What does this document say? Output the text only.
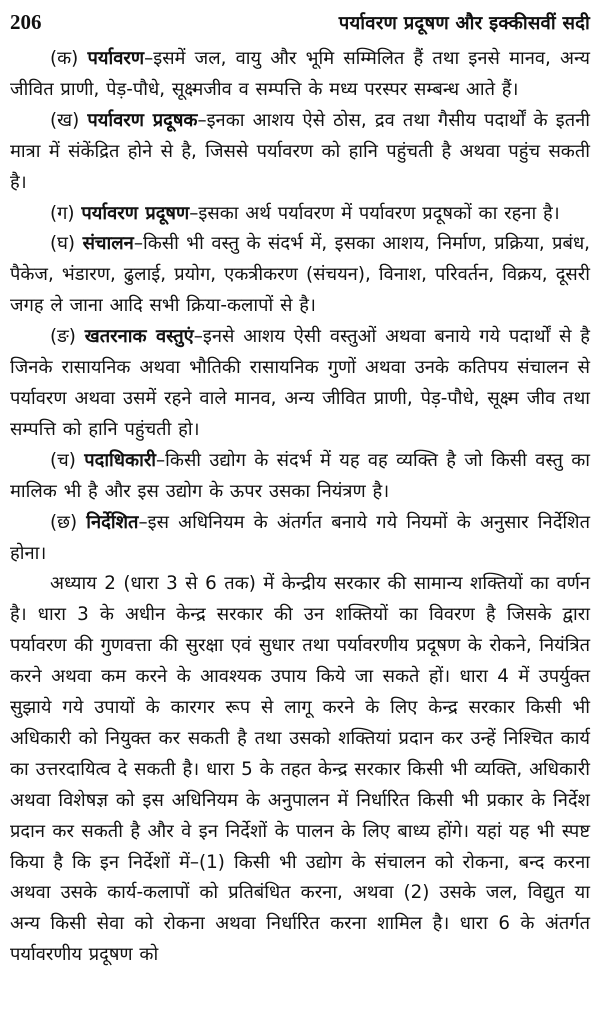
206	पर्यावरण प्रदूषण और इक्कीसवीं सदी

(क) पर्यावरण–इसमें जल, वायु और भूमि सम्मिलित हैं तथा इनसे मानव, अन्य जीवित प्राणी, पेड़-पौधे, सूक्ष्मजीव व सम्पत्ति के मध्य परस्पर सम्बन्ध आते हैं।

(ख) पर्यावरण प्रदूषक–इनका आशय ऐसे ठोस, द्रव तथा गैसीय पदार्थों के इतनी मात्रा में संकेंद्रित होने से है, जिससे पर्यावरण को हानि पहुंचती है अथवा पहुंच सकती है।

(ग) पर्यावरण प्रदूषण–इसका अर्थ पर्यावरण में पर्यावरण प्रदूषकों का रहना है।

(घ) संचालन–किसी भी वस्तु के संदर्भ में, इसका आशय, निर्माण, प्रक्रिया, प्रबंध, पैकेज, भंडारण, ढुलाई, प्रयोग, एकत्रीकरण (संचयन), विनाश, परिवर्तन, विक्रय, दूसरी जगह ले जाना आदि सभी क्रिया-कलापों से है।

(ङ) खतरनाक वस्तुएं–इनसे आशय ऐसी वस्तुओं अथवा बनाये गये पदार्थों से है जिनके रासायनिक अथवा भौतिकी रासायनिक गुणों अथवा उनके कतिपय संचालन से पर्यावरण अथवा उसमें रहने वाले मानव, अन्य जीवित प्राणी, पेड़-पौधे, सूक्ष्म जीव तथा सम्पत्ति को हानि पहुंचती हो।

(च) पदाधिकारी–किसी उद्योग के संदर्भ में यह वह व्यक्ति है जो किसी वस्तु का मालिक भी है और इस उद्योग के ऊपर उसका नियंत्रण है।

(छ) निर्देशित–इस अधिनियम के अंतर्गत बनाये गये नियमों के अनुसार निर्देशित होना।

अध्याय 2 (धारा 3 से 6 तक) में केन्द्रीय सरकार की सामान्य शक्तियों का वर्णन है। धारा 3 के अधीन केन्द्र सरकार की उन शक्तियों का विवरण है जिसके द्वारा पर्यावरण की गुणवत्ता की सुरक्षा एवं सुधार तथा पर्यावरणीय प्रदूषण के रोकने, नियंत्रित करने अथवा कम करने के आवश्यक उपाय किये जा सकते हों। धारा 4 में उपर्युक्त सुझाये गये उपायों के कारगर रूप से लागू करने के लिए केन्द्र सरकार किसी भी अधिकारी को नियुक्त कर सकती है तथा उसको शक्तियां प्रदान कर उन्हें निश्चित कार्य का उत्तरदायित्व दे सकती है। धारा 5 के तहत केन्द्र सरकार किसी भी व्यक्ति, अधिकारी अथवा विशेषज्ञ को इस अधिनियम के अनुपालन में निर्धारित किसी भी प्रकार के निर्देश प्रदान कर सकती है और वे इन निर्देशों के पालन के लिए बाध्य होंगे। यहां यह भी स्पष्ट किया है कि इन निर्देशों में–(1) किसी भी उद्योग के संचालन को रोकना, बन्द करना अथवा उसके कार्य-कलापों को प्रतिबंधित करना, अथवा (2) उसके जल, विद्युत या अन्य किसी सेवा को रोकना अथवा निर्धारित करना शामिल है। धारा 6 के अंतर्गत पर्यावरणीय प्रदूषण को
